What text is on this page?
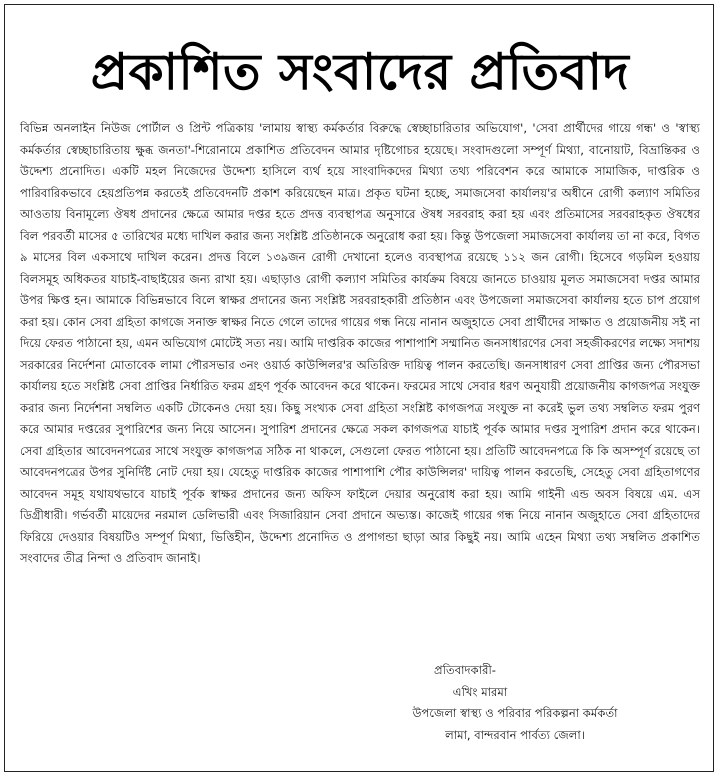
প্রকাশিত সংবাদের প্রতিবাদ
বিভিন্ন অনলাইন নিউজ পোর্টাল ও প্রিন্ট পত্রিকায় 'লামায় স্বাস্থ্য কর্মকর্তার বিরুদ্ধে স্বেচ্ছাচারিতার অভিযোগ', 'সেবা প্রার্থীদের গায়ে গন্ধ' ও 'স্বাস্থ্য কর্মকর্তার স্বেচ্ছাচারিতায় ক্ষুব্ধ জনতা'-শিরোনামে প্রকাশিত প্রতিবেদন আমার দৃষ্টিগোচর হয়েছে। সংবাদগুলো সম্পূর্ণ মিথ্যা, বানোয়াট, বিভ্রান্তিকর ও উদ্দেশ্য প্রনোদিত। একটি মহল নিজেদের উদ্দেশ্য হাসিলে ব্যর্থ হয়ে সাংবাদিকদের মিথ্যা তথ্য পরিবেশন করে আমাকে সামাজিক, দাপ্তরিক ও পারিবারিকভাবে হেয়প্রতিপন্ন করতেই প্রতিবেদনটি প্রকাশ করিয়েছেন মাত্র। প্রকৃত ঘটনা হচ্ছে, সমাজসেবা কার্যালয়'র অধীনে রোগী কল্যাণ সমিতির আওতায় বিনামূল্যে ঔষধ প্রদানের ক্ষেত্রে আমার দপ্তর হতে প্রদত্ত ব্যবস্থাপত্র অনুসারে ঔষধ সরবরাহ করা হয় এবং প্রতিমাসের সরবরাহকৃত ঔষধের বিল পরবর্তী মাসের ৫ তারিখের মধ্যে দাখিল করার জন্য সংশ্লিষ্ট প্রতিষ্ঠানকে অনুরোধ করা হয়। কিন্তু উপজেলা সমাজসেবা কার্যালয় তা না করে, বিগত ৯ মাসের বিল একসাথে দাখিল করেন। প্রদত্ত বিলে ১৩৯জন রোগী দেখানো হলেও ব্যবস্থাপত্র রয়েছে ১১২ জন রোগী। হিসেবে গড়মিল হওয়ায় বিলসমূহ অধিকতর যাচাই-বাছাইয়ের জন্য রাখা হয়। এছাড়াও রোগী কল্যাণ সমিতির কার্যক্রম বিষয়ে জানতে চাওয়ায় মূলত সমাজসেবা দপ্তর আমার উপর ক্ষিপ্ত হন। আমাকে বিভিন্নভাবে বিলে স্বাক্ষর প্রদানের জন্য সংশ্লিষ্ট সরবরাহকারী প্রতিষ্ঠান এবং উপজেলা সমাজসেবা কার্যালয় হতে চাপ প্রয়োগ করা হয়। কোন সেবা গ্রহিতা কাগজে সনাক্ত স্বাক্ষর নিতে গেলে তাদের গায়ের গন্ধ নিয়ে নানান অজুহাতে সেবা প্রার্থীদের সাক্ষাত ও প্রয়োজনীয় সই না দিয়ে ফেরত পাঠানো হয়, এমন অভিযোগ মোটেই সত্য নয়। আমি দাপ্তরিক কাজের পাশাপাশি সম্মানিত জনসাধারণের সেবা সহজীকরণের লক্ষ্যে সদাশয় সরকারের নির্দেশনা মোতাবেক লামা পৌরসভার ৩নং ওয়ার্ড কাউন্সিলর'র অতিরিক্ত দায়িত্ব পালন করতেছি। জনসাধারণ সেবা প্রাপ্তির জন্য পৌরসভা কার্যালয় হতে সংশ্লিষ্ট সেবা প্রাপ্তির নির্ধারিত ফরম গ্রহণ পূর্বক আবেদন করে থাকেন। ফরমের সাথে সেবার ধরণ অনুযায়ী প্রয়োজনীয় কাগজপত্র সংযুক্ত করার জন্য নির্দেশনা সম্বলিত একটি টোকেনও দেয়া হয়। কিছু সংখ্যক সেবা গ্রহিতা সংশ্লিষ্ট কাগজপত্র সংযুক্ত না করেই ভুল তথ্য সম্বলিত ফরম পুরণ করে আমার দপ্তরের সুপারিশের জন্য নিয়ে আসেন। সুপারিশ প্রদানের ক্ষেত্রে সকল কাগজপত্র যাচাই পূর্বক আমার দপ্তর সুপারিশ প্রদান করে থাকেন। সেবা গ্রহিতার আবেদনপত্রের সাথে সংযুক্ত কাগজপত্র সঠিক না থাকলে, সেগুলো ফেরত পাঠানো হয়। প্রতিটি আবেদনপত্রে কি কি অসম্পূর্ণ রয়েছে তা আবেদনপত্রের উপর সুনির্দিষ্ট নোট দেয়া হয়। যেহেতু দাপ্তরিক কাজের পাশাপাশি পৌর কাউন্সিলর' দায়িত্ব পালন করতেছি, সেহেতু সেবা গ্রহিতাগণের আবেদন সমূহ যথাযথভাবে যাচাই পূর্বক স্বাক্ষর প্রদানের জন্য অফিস ফাইলে দেয়ার অনুরোধ করা হয়। আমি গাইনী এন্ড অবস বিষয়ে এম. এস ডিগ্রীধারী। গর্ভবর্তী মায়েদের নরমাল ডেলিভারী এবং সিজারিয়ান সেবা প্রদানে অভ্যস্ত। কাজেই গায়ের গন্ধ নিয়ে নানান অজুহাতে সেবা গ্রহিতাদের ফিরিয়ে দেওয়ার বিষয়টিও সম্পূর্ণ মিথ্যা, ভিত্তিহীন, উদ্দেশ্য প্রনোদিত ও প্রপাগন্ডা ছাড়া আর কিছুই নয়। আমি এহেন মিথ্যা তথ্য সম্বলিত প্রকাশিত সংবাদের তীব্র নিন্দা ও প্রতিবাদ জানাই।
প্রতিবাদকারী-
এখিং মারমা
উপজেলা স্বাস্থ্য ও পরিবার পরিকল্পনা কর্মকর্তা
লামা, বান্দরবান পার্বত্য জেলা।
